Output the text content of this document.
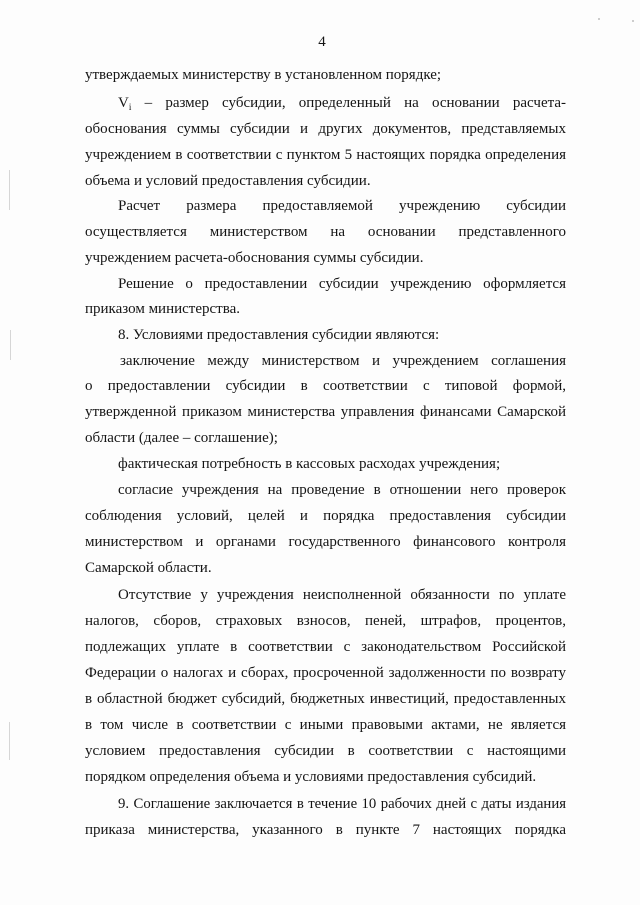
4
утверждаемых министерству в установленном порядке;
$V_i$ – размер субсидии, определенный на основании расчета-
обоснования суммы субсидии и других документов, представляемых
учреждением в соответствии с пунктом 5 настоящих порядка определения
объема и условий предоставления субсидии.
Расчет размера предоставляемой учреждению субсидии
осуществляется министерством на основании представленного
учреждением расчета-обоснования суммы субсидии.
Решение о предоставлении субсидии учреждению оформляется
приказом министерства.
8. Условиями предоставления субсидии являются:
заключение между министерством и учреждением соглашения
о предоставлении субсидии в соответствии с типовой формой,
утвержденной приказом министерства управления финансами Самарской
области (далее – соглашение);
фактическая потребность в кассовых расходах учреждения;
согласие учреждения на проведение в отношении него проверок
соблюдения условий, целей и порядка предоставления субсидии
министерством и органами государственного финансового контроля
Самарской области.
Отсутствие у учреждения неисполненной обязанности по уплате
налогов, сборов, страховых взносов, пеней, штрафов, процентов,
подлежащих уплате в соответствии с законодательством Российской
Федерации о налогах и сборах, просроченной задолженности по возврату
в областной бюджет субсидий, бюджетных инвестиций, предоставленных
в том числе в соответствии с иными правовыми актами, не является
условием предоставления субсидии в соответствии с настоящими
порядком определения объема и условиями предоставления субсидий.
9. Соглашение заключается в течение 10 рабочих дней с даты издания
приказа министерства, указанного в пункте 7 настоящих порядка
